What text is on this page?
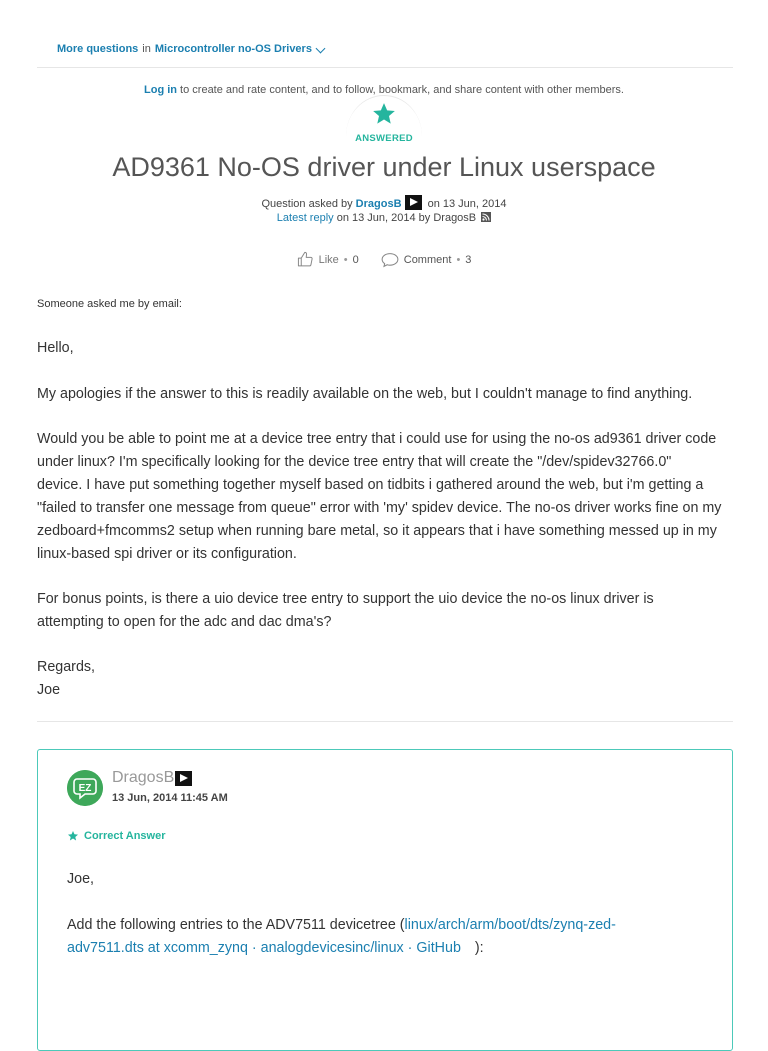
More questions in Microcontroller no-OS Drivers
Log in to create and rate content, and to follow, bookmark, and share content with other members.
ANSWERED
AD9361 No-OS driver under Linux userspace
Question asked by DragosB on 13 Jun, 2014
Latest reply on 13 Jun, 2014 by DragosB
Like • 0	Comment • 3
Someone asked me by email:
Hello,
My apologies if the answer to this is readily available on the web, but I couldn't manage to find anything.
Would you be able to point me at a device tree entry that i could use for using the no-os ad9361 driver code
under linux? I'm specifically looking for the device tree entry that will create the "/dev/spidev32766.0"
device. I have put something together myself based on tidbits i gathered around the web, but i'm getting a
"failed to transfer one message from queue" error with 'my' spidev device. The no-os driver works fine on my
zedboard+fmcomms2 setup when running bare metal, so it appears that i have something messed up in my
linux-based spi driver or its configuration.
For bonus points, is there a uio device tree entry to support the uio device the no-os linux driver is
attempting to open for the adc and dac dma's?
Regards,
Joe
EZ
DragosB
13 Jun, 2014 11:45 AM
Correct Answer
Joe,
Add the following entries to the ADV7511 devicetree (linux/arch/arm/boot/dts/zynq-zed-
adv7511.dts at xcomm_zynq · analogdevicesinc/linux · GitHub ):
